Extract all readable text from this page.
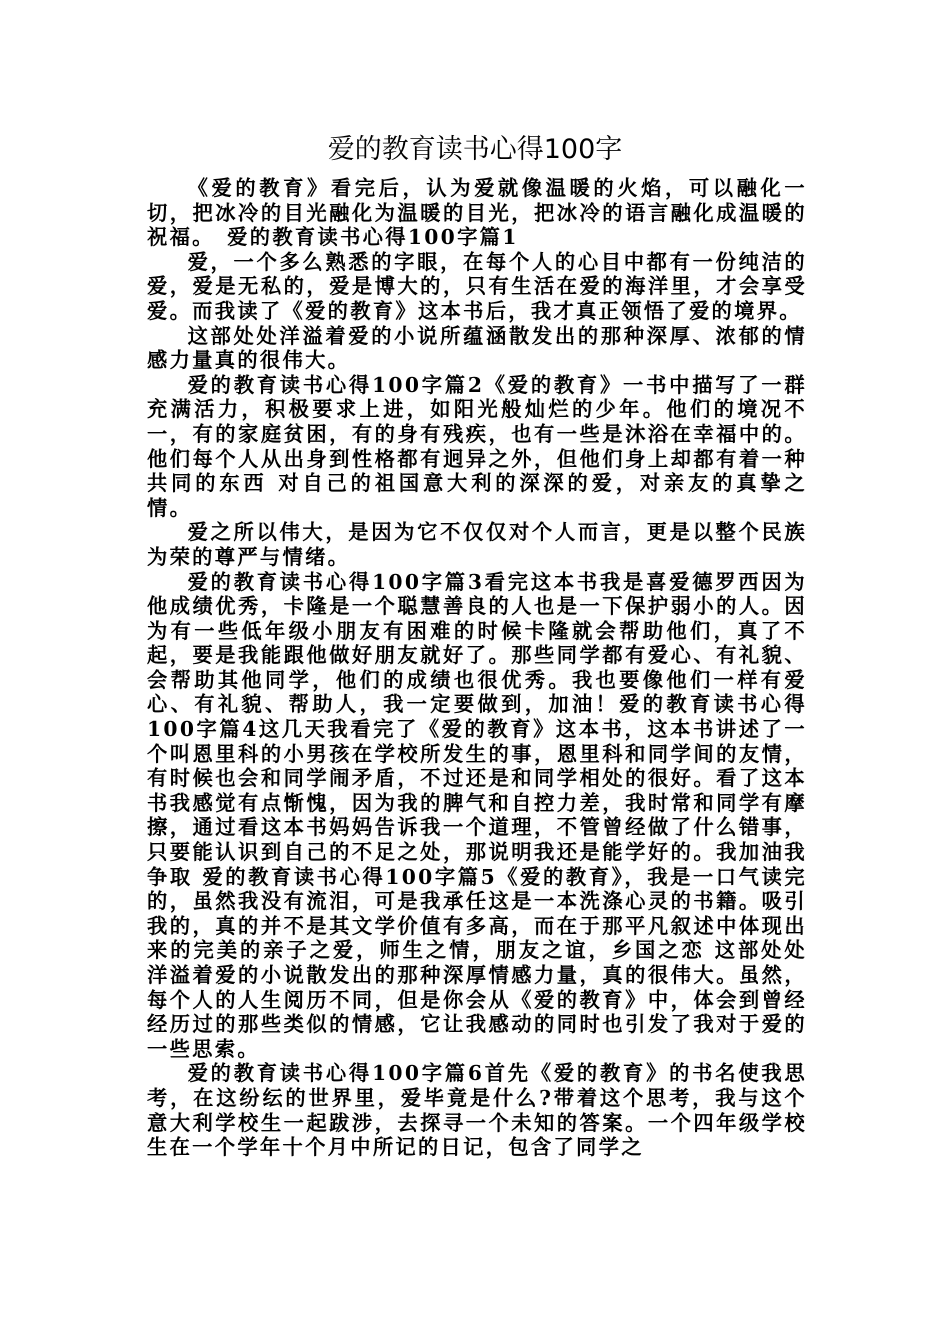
爱的教育读书心得100字

《爱的教育》看完后，认为爱就像温暖的火焰，可以融化一切，把冰冷的目光融化为温暖的目光，把冰冷的语言融化成温暖的祝福。　爱的教育读书心得100字篇1

爱，一个多么熟悉的字眼，在每个人的心目中都有一份纯洁的爱，爱是无私的，爱是博大的，只有生活在爱的海洋里，才会享受爱。而我读了《爱的教育》这本书后，我才真正领悟了爱的境界。

这部处处洋溢着爱的小说所蕴涵散发出的那种深厚、浓郁的情感力量真的很伟大。

爱的教育读书心得100字篇2《爱的教育》一书中描写了一群充满活力，积极要求上进，如阳光般灿烂的少年。他们的境况不一，有的家庭贫困，有的身有残疾，也有一些是沐浴在幸福中的。他们每个人从出身到性格都有迥异之外，但他们身上却都有着一种共同的东西 对自己的祖国意大利的深深的爱，对亲友的真挚之情。

爱之所以伟大，是因为它不仅仅对个人而言，更是以整个民族为荣的尊严与情绪。

爱的教育读书心得100字篇3看完这本书我是喜爱德罗西因为他成绩优秀，卡隆是一个聪慧善良的人也是一下保护弱小的人。因为有一些低年级小朋友有困难的时候卡隆就会帮助他们，真了不起，要是我能跟他做好朋友就好了。那些同学都有爱心、有礼貌、会帮助其他同学，他们的成绩也很优秀。我也要像他们一样有爱心、有礼貌、帮助人，我一定要做到，加油！爱的教育读书心得100字篇4这几天我看完了《爱的教育》这本书，这本书讲述了一个叫恩里科的小男孩在学校所发生的事，恩里科和同学间的友情，有时候也会和同学闹矛盾，不过还是和同学相处的很好。看了这本书我感觉有点惭愧，因为我的脾气和自控力差，我时常和同学有摩擦，通过看这本书妈妈告诉我一个道理，不管曾经做了什么错事，只要能认识到自己的不足之处，那说明我还是能学好的。我加油我争取 爱的教育读书心得100字篇5《爱的教育》，我是一口气读完的，虽然我没有流泪，可是我承任这是一本洗涤心灵的书籍。吸引我的，真的并不是其文学价值有多高，而在于那平凡叙述中体现出来的完美的亲子之爱，师生之情，朋友之谊，乡国之恋 这部处处洋溢着爱的小说散发出的那种深厚情感力量，真的很伟大。虽然，每个人的人生阅历不同，但是你会从《爱的教育》中，体会到曾经经历过的那些类似的情感，它让我感动的同时也引发了我对于爱的一些思索。

爱的教育读书心得100字篇6首先《爱的教育》的书名使我思考，在这纷纭的世界里，爱毕竟是什么?带着这个思考，我与这个意大利学校生一起跋涉，去探寻一个未知的答案。一个四年级学校生在一个学年十个月中所记的日记，包含了同学之
